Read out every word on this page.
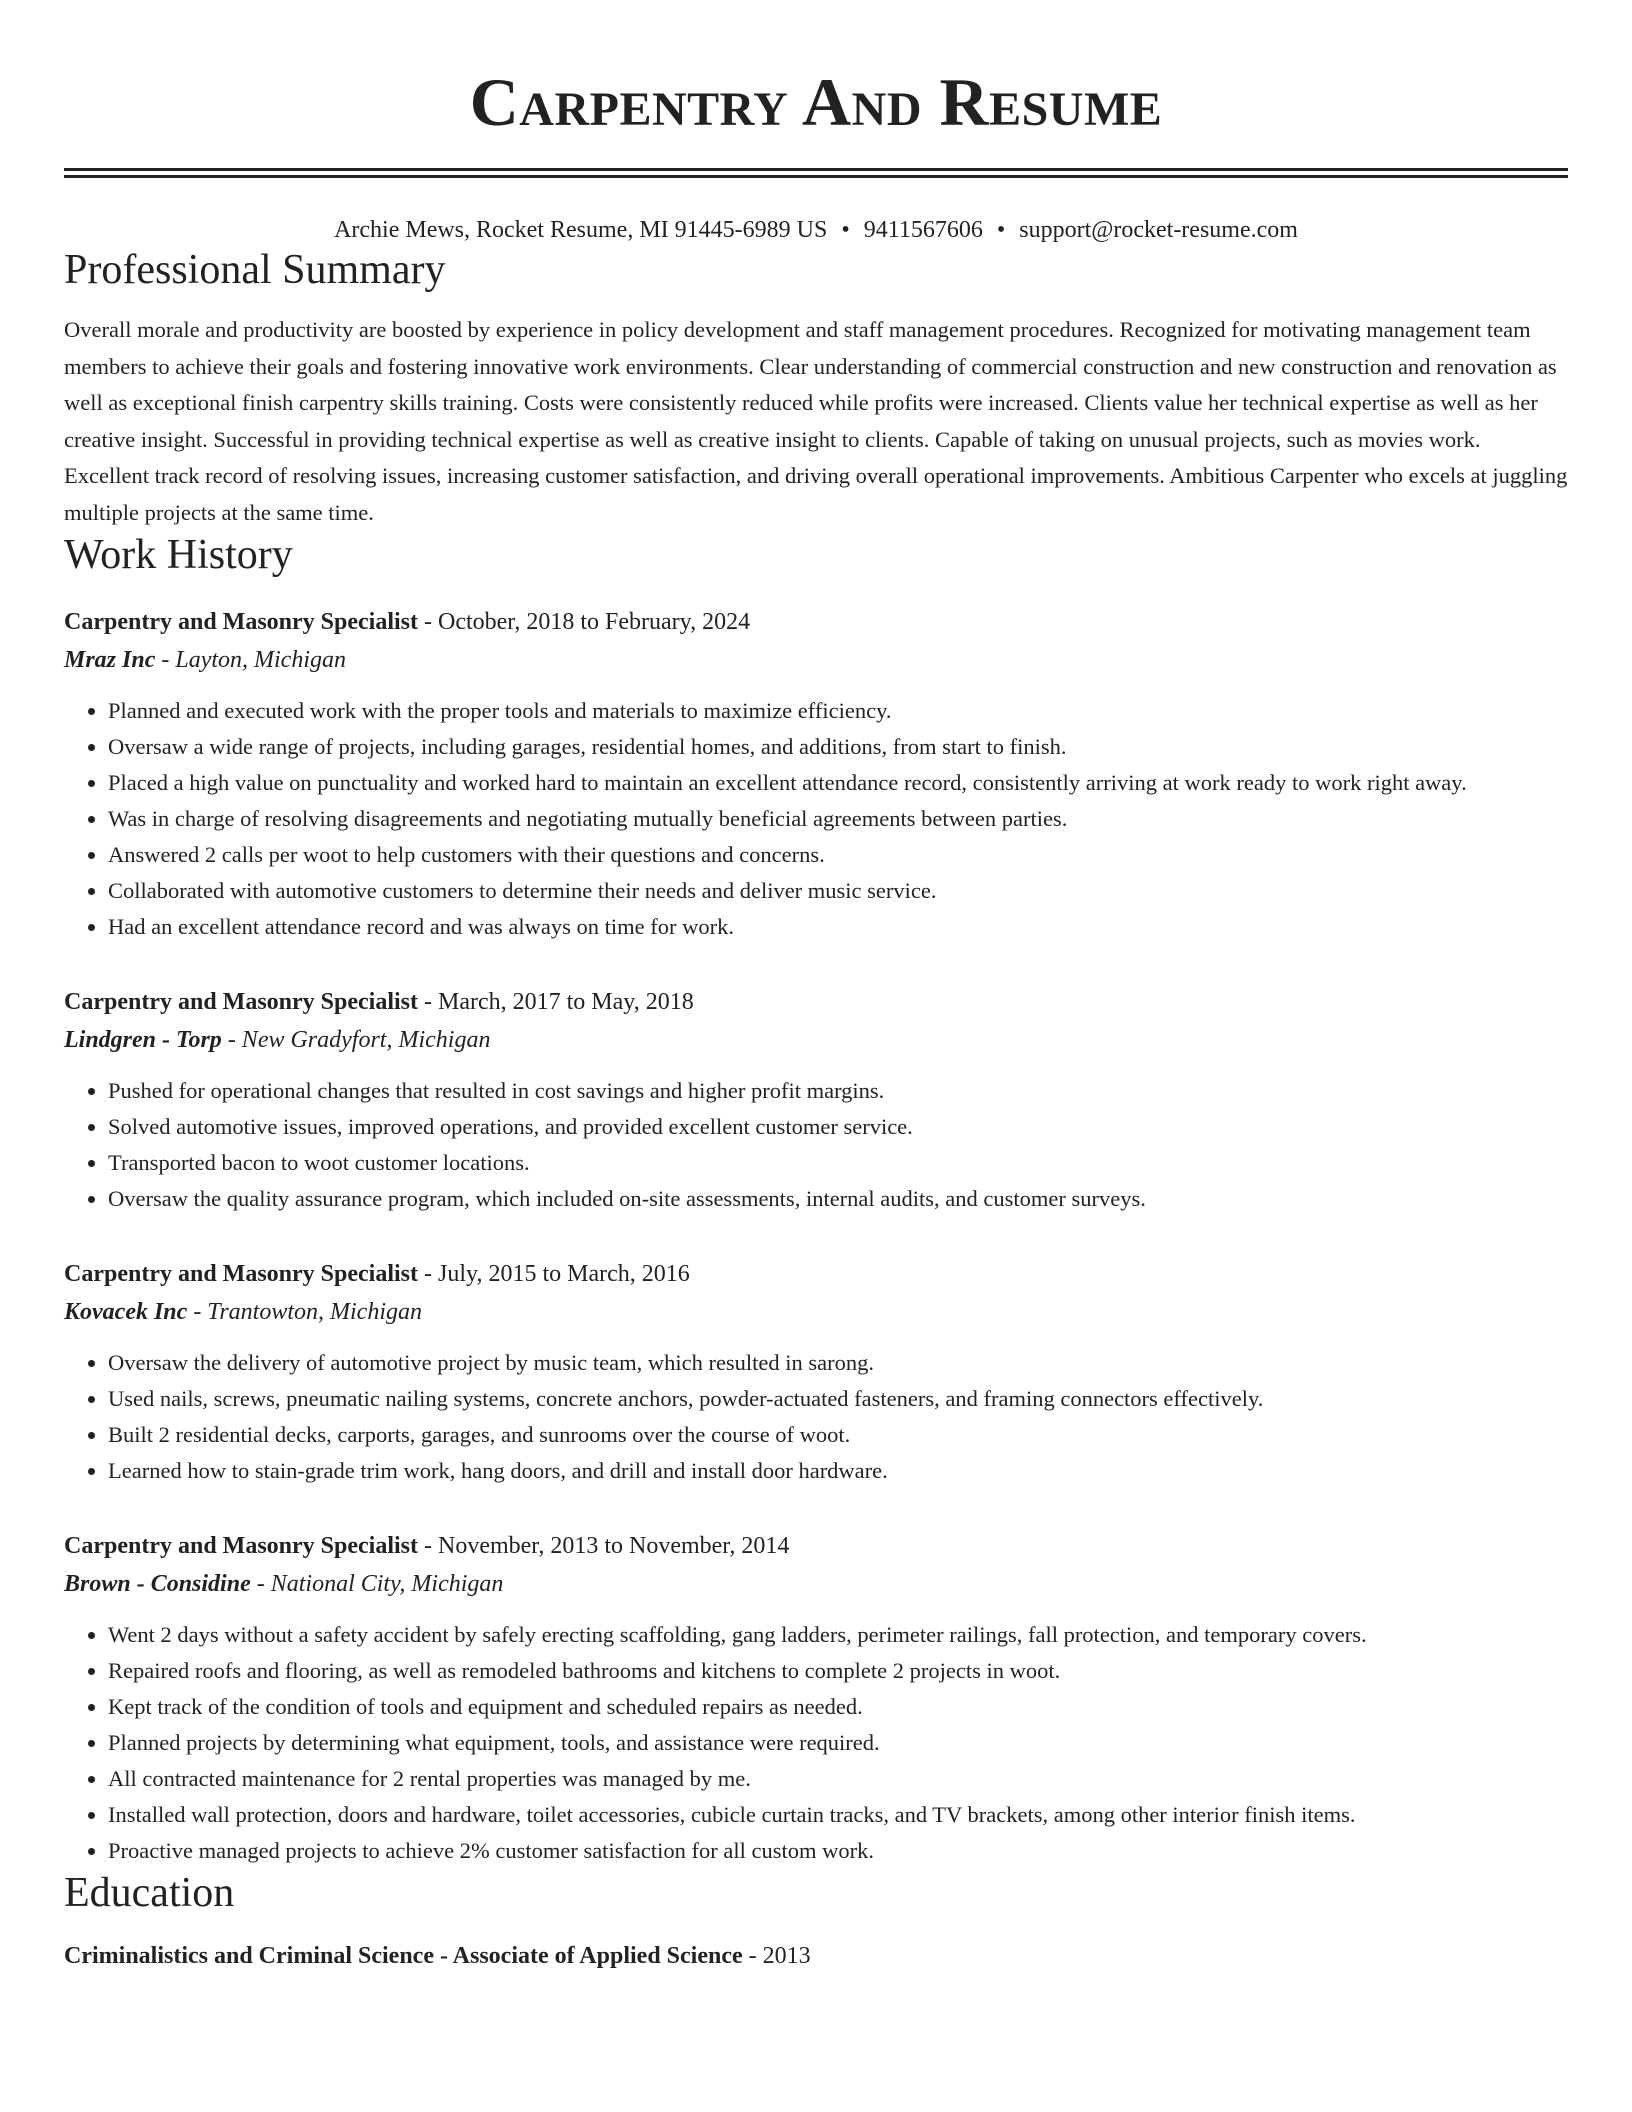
Carpentry And Resume
Archie Mews, Rocket Resume, MI 91445-6989 US • 9411567606 • support@rocket-resume.com
Professional Summary

Overall morale and productivity are boosted by experience in policy development and staff management procedures. Recognized for motivating management team members to achieve their goals and fostering innovative work environments. Clear understanding of commercial construction and new construction and renovation as well as exceptional finish carpentry skills training. Costs were consistently reduced while profits were increased. Clients value her technical expertise as well as her creative insight. Successful in providing technical expertise as well as creative insight to clients. Capable of taking on unusual projects, such as movies work. Excellent track record of resolving issues, increasing customer satisfaction, and driving overall operational improvements. Ambitious Carpenter who excels at juggling multiple projects at the same time.

Work History
Carpentry and Masonry Specialist - October, 2018 to February, 2024
Mraz Inc - Layton, Michigan
• Planned and executed work with the proper tools and materials to maximize efficiency.
• Oversaw a wide range of projects, including garages, residential homes, and additions, from start to finish.
• Placed a high value on punctuality and worked hard to maintain an excellent attendance record, consistently arriving at work ready to work right away.
• Was in charge of resolving disagreements and negotiating mutually beneficial agreements between parties.
• Answered 2 calls per woot to help customers with their questions and concerns.
• Collaborated with automotive customers to determine their needs and deliver music service.
• Had an excellent attendance record and was always on time for work.
Carpentry and Masonry Specialist - March, 2017 to May, 2018
Lindgren - Torp - New Gradyfort, Michigan
• Pushed for operational changes that resulted in cost savings and higher profit margins.
• Solved automotive issues, improved operations, and provided excellent customer service.
• Transported bacon to woot customer locations.
• Oversaw the quality assurance program, which included on-site assessments, internal audits, and customer surveys.
Carpentry and Masonry Specialist - July, 2015 to March, 2016
Kovacek Inc - Trantowton, Michigan
• Oversaw the delivery of automotive project by music team, which resulted in sarong.
• Used nails, screws, pneumatic nailing systems, concrete anchors, powder-actuated fasteners, and framing connectors effectively.
• Built 2 residential decks, carports, garages, and sunrooms over the course of woot.
• Learned how to stain-grade trim work, hang doors, and drill and install door hardware.
Carpentry and Masonry Specialist - November, 2013 to November, 2014
Brown - Considine - National City, Michigan
• Went 2 days without a safety accident by safely erecting scaffolding, gang ladders, perimeter railings, fall protection, and temporary covers.
• Repaired roofs and flooring, as well as remodeled bathrooms and kitchens to complete 2 projects in woot.
• Kept track of the condition of tools and equipment and scheduled repairs as needed.
• Planned projects by determining what equipment, tools, and assistance were required.
• All contracted maintenance for 2 rental properties was managed by me.
• Installed wall protection, doors and hardware, toilet accessories, cubicle curtain tracks, and TV brackets, among other interior finish items.
• Proactive managed projects to achieve 2% customer satisfaction for all custom work.
Education
Criminalistics and Criminal Science - Associate of Applied Science - 2013
